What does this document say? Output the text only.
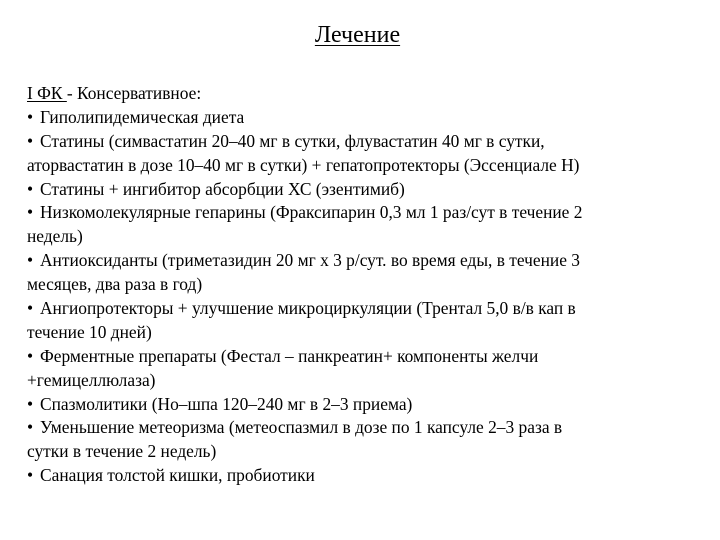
Лечение
I ФК - Консервативное:
• Гиполипидемическая диета
• Статины (симвастатин 20–40 мг в сутки, флувастатин 40 мг в сутки,
аторвастатин в дозе 10–40 мг в сутки) + гепатопротекторы (Эссенциале Н)
• Статины + ингибитор абсорбции ХС (эзентимиб)
• Низкомолекулярные гепарины (Фраксипарин 0,3 мл 1 раз/сут в течение 2
недель)
• Антиоксиданты (триметазидин 20 мг х 3 р/сут. во время еды, в течение 3
месяцев, два раза в год)
• Ангиопротекторы + улучшение микроциркуляции (Трентал 5,0 в/в кап в
течение 10 дней)
• Ферментные препараты (Фестал – панкреатин+ компоненты желчи
+гемицеллюлаза)
• Спазмолитики (Но–шпа 120–240 мг в 2–3 приема)
• Уменьшение метеоризма (метеоспазмил в дозе по 1 капсуле 2–3 раза в
сутки в течение 2 недель)
• Санация толстой кишки, пробиотики
